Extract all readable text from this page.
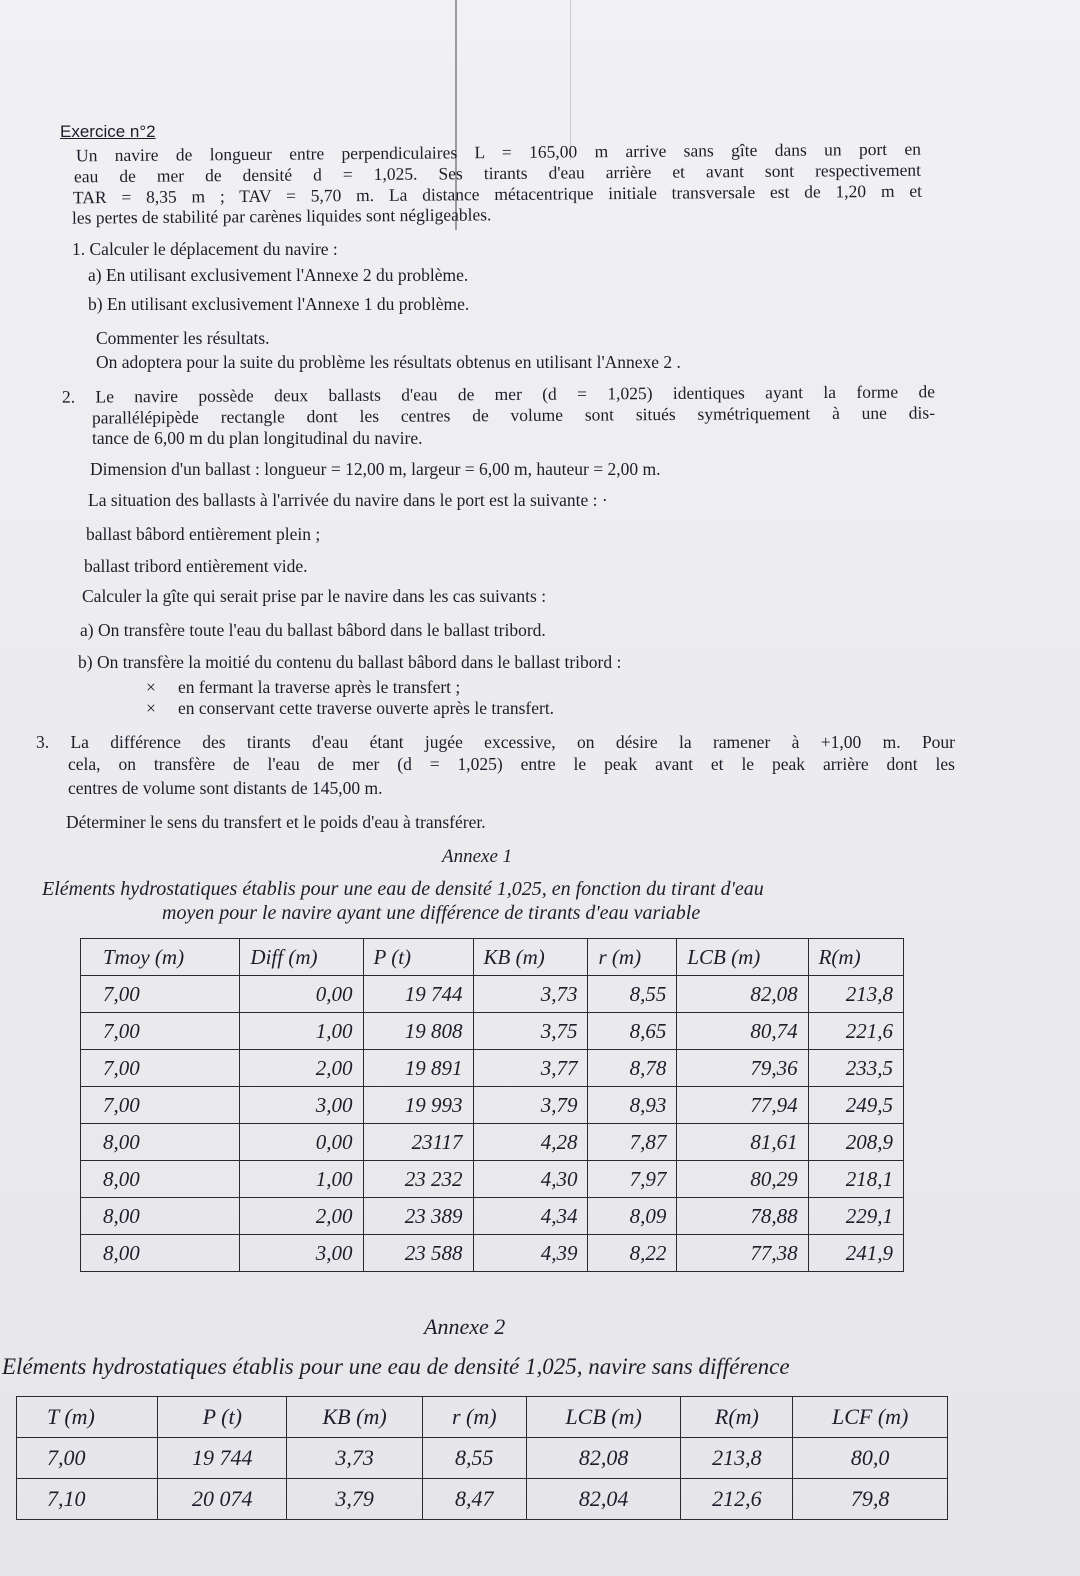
Exercice n°2
Un navire de longueur entre perpendiculaires L = 165,00 m arrive sans gîte dans un port en
eau de mer de densité d = 1,025. Ses tirants d'eau arrière et avant sont respectivement
TAR = 8,35 m ; TAV = 5,70 m. La distance métacentrique initiale transversale est de 1,20 m et
les pertes de stabilité par carènes liquides sont négligeables.
1. Calculer le déplacement du navire :
a) En utilisant exclusivement l'Annexe 2 du problème.
b) En utilisant exclusivement l'Annexe 1 du problème.
Commenter les résultats.
On adoptera pour la suite du problème les résultats obtenus en utilisant l'Annexe 2 .
2. Le navire possède deux ballasts d'eau de mer (d = 1,025) identiques ayant la forme de
parallélépipède rectangle dont les centres de volume sont situés symétriquement à une dis-
tance de 6,00 m du plan longitudinal du navire.
Dimension d'un ballast : longueur = 12,00 m, largeur = 6,00 m, hauteur = 2,00 m.
La situation des ballasts à l'arrivée du navire dans le port est la suivante : ·
ballast bâbord entièrement plein ;
ballast tribord entièrement vide.
Calculer la gîte qui serait prise par le navire dans les cas suivants :
a) On transfère toute l'eau du ballast bâbord dans le ballast tribord.
b) On transfère la moitié du contenu du ballast bâbord dans le ballast tribord :
× en fermant la traverse après le transfert ;
× en conservant cette traverse ouverte après le transfert.
3. La différence des tirants d'eau étant jugée excessive, on désire la ramener à +1,00 m. Pour
cela, on transfère de l'eau de mer (d = 1,025) entre le peak avant et le peak arrière dont les
centres de volume sont distants de 145,00 m.
Déterminer le sens du transfert et le poids d'eau à transférer.
Annexe 1
Eléments hydrostatiques établis pour une eau de densité 1,025, en fonction du tirant d'eau
moyen pour le navire ayant une différence de tirants d'eau variable
Tmoy (m)	Diff (m)	P (t)	KB (m)	r (m)	LCB (m)	R(m)
7,00	0,00	19 744	3,73	8,55	82,08	213,8
7,00	1,00	19 808	3,75	8,65	80,74	221,6
7,00	2,00	19 891	3,77	8,78	79,36	233,5
7,00	3,00	19 993	3,79	8,93	77,94	249,5
8,00	0,00	23117	4,28	7,87	81,61	208,9
8,00	1,00	23 232	4,30	7,97	80,29	218,1
8,00	2,00	23 389	4,34	8,09	78,88	229,1
8,00	3,00	23 588	4,39	8,22	77,38	241,9
Annexe 2
Eléments hydrostatiques établis pour une eau de densité 1,025, navire sans différence
T (m)	P (t)	KB (m)	r (m)	LCB (m)	R(m)	LCF (m)
7,00	19 744	3,73	8,55	82,08	213,8	80,0
7,10	20 074	3,79	8,47	82,04	212,6	79,8
